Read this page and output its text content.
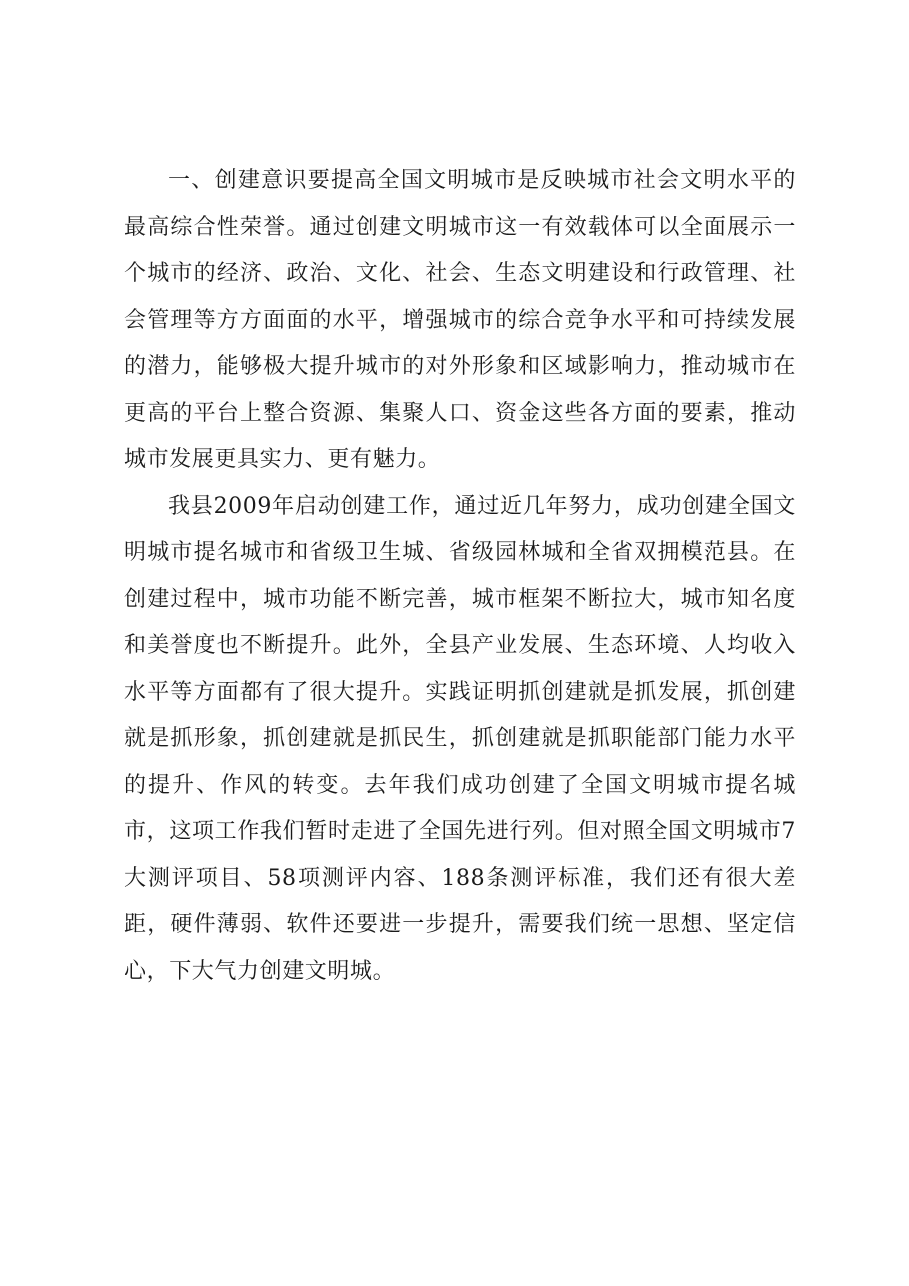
一、创建意识要提高全国文明城市是反映城市社会文明水平的最高综合性荣誉。通过创建文明城市这一有效载体可以全面展示一个城市的经济、政治、文化、社会、生态文明建设和行政管理、社会管理等方方面面的水平，增强城市的综合竞争水平和可持续发展的潜力，能够极大提升城市的对外形象和区域影响力，推动城市在更高的平台上整合资源、集聚人口、资金这些各方面的要素，推动城市发展更具实力、更有魅力。

我县2009年启动创建工作，通过近几年努力，成功创建全国文明城市提名城市和省级卫生城、省级园林城和全省双拥模范县。在创建过程中，城市功能不断完善，城市框架不断拉大，城市知名度和美誉度也不断提升。此外，全县产业发展、生态环境、人均收入水平等方面都有了很大提升。实践证明抓创建就是抓发展，抓创建就是抓形象，抓创建就是抓民生，抓创建就是抓职能部门能力水平的提升、作风的转变。去年我们成功创建了全国文明城市提名城市，这项工作我们暂时走进了全国先进行列。但对照全国文明城市7大测评项目、58项测评内容、188条测评标准，我们还有很大差距，硬件薄弱、软件还要进一步提升，需要我们统一思想、坚定信心，下大气力创建文明城。
